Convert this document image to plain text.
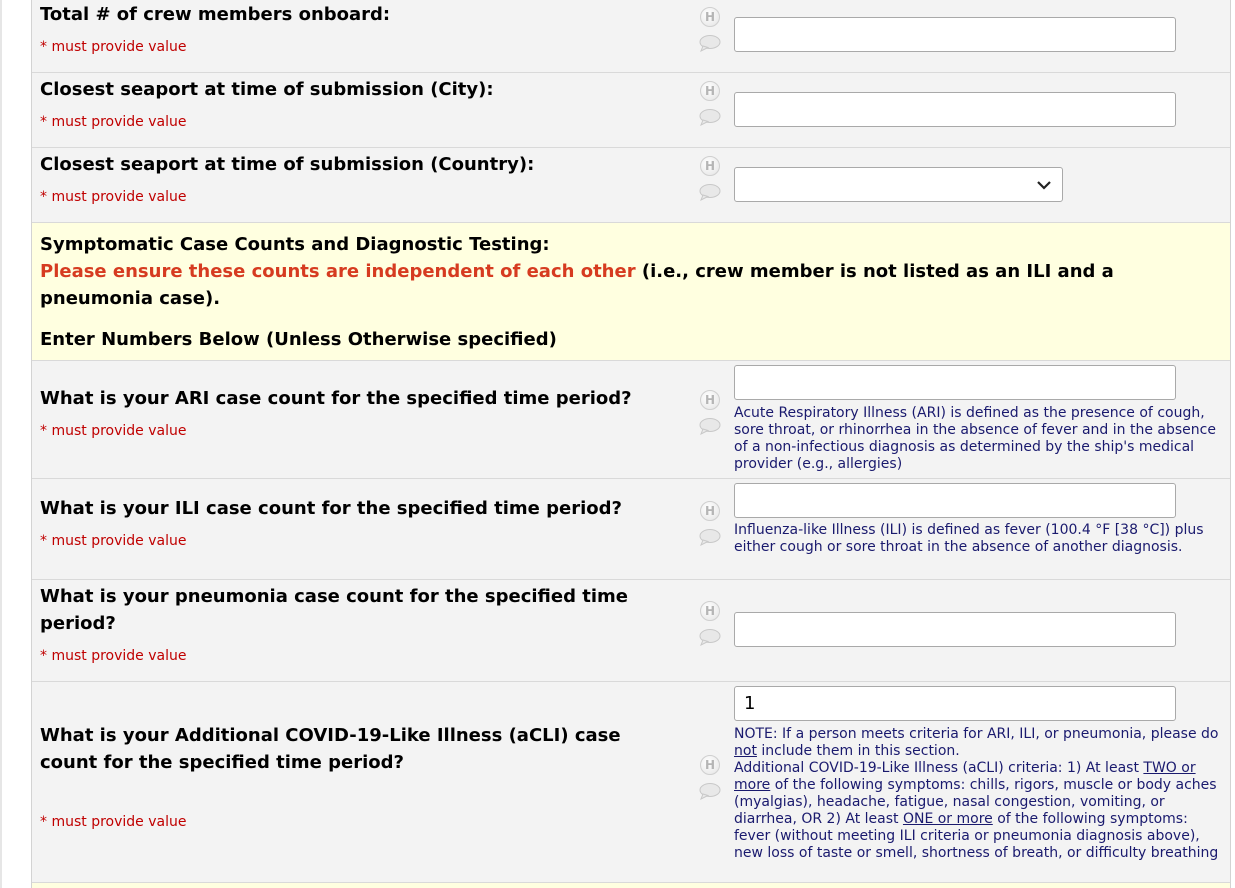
Total # of crew members onboard:
* must provide value
H
Closest seaport at time of submission (City):
* must provide value
H
Closest seaport at time of submission (Country):
* must provide value
H
Symptomatic Case Counts and Diagnostic Testing:
Please ensure these counts are independent of each other (i.e., crew member is not listed as an ILI and a pneumonia case).
Enter Numbers Below (Unless Otherwise specified)
What is your ARI case count for the specified time period?
* must provide value
H
Acute Respiratory Illness (ARI) is defined as the presence of cough, sore throat, or rhinorrhea in the absence of fever and in the absence of a non-infectious diagnosis as determined by the ship's medical provider (e.g., allergies)
What is your ILI case count for the specified time period?
* must provide value
H
Influenza-like Illness (ILI) is defined as fever (100.4 °F [38 °C]) plus either cough or sore throat in the absence of another diagnosis.
What is your pneumonia case count for the specified time period?
* must provide value
H
What is your Additional COVID-19-Like Illness (aCLI) case count for the specified time period?
* must provide value
H
1
NOTE: If a person meets criteria for ARI, ILI, or pneumonia, please do not include them in this section.
Additional COVID-19-Like Illness (aCLI) criteria: 1) At least TWO or more of the following symptoms: chills, rigors, muscle or body aches (myalgias), headache, fatigue, nasal congestion, vomiting, or diarrhea, OR 2) At least ONE or more of the following symptoms: fever (without meeting ILI criteria or pneumonia diagnosis above), new loss of taste or smell, shortness of breath, or difficulty breathing
